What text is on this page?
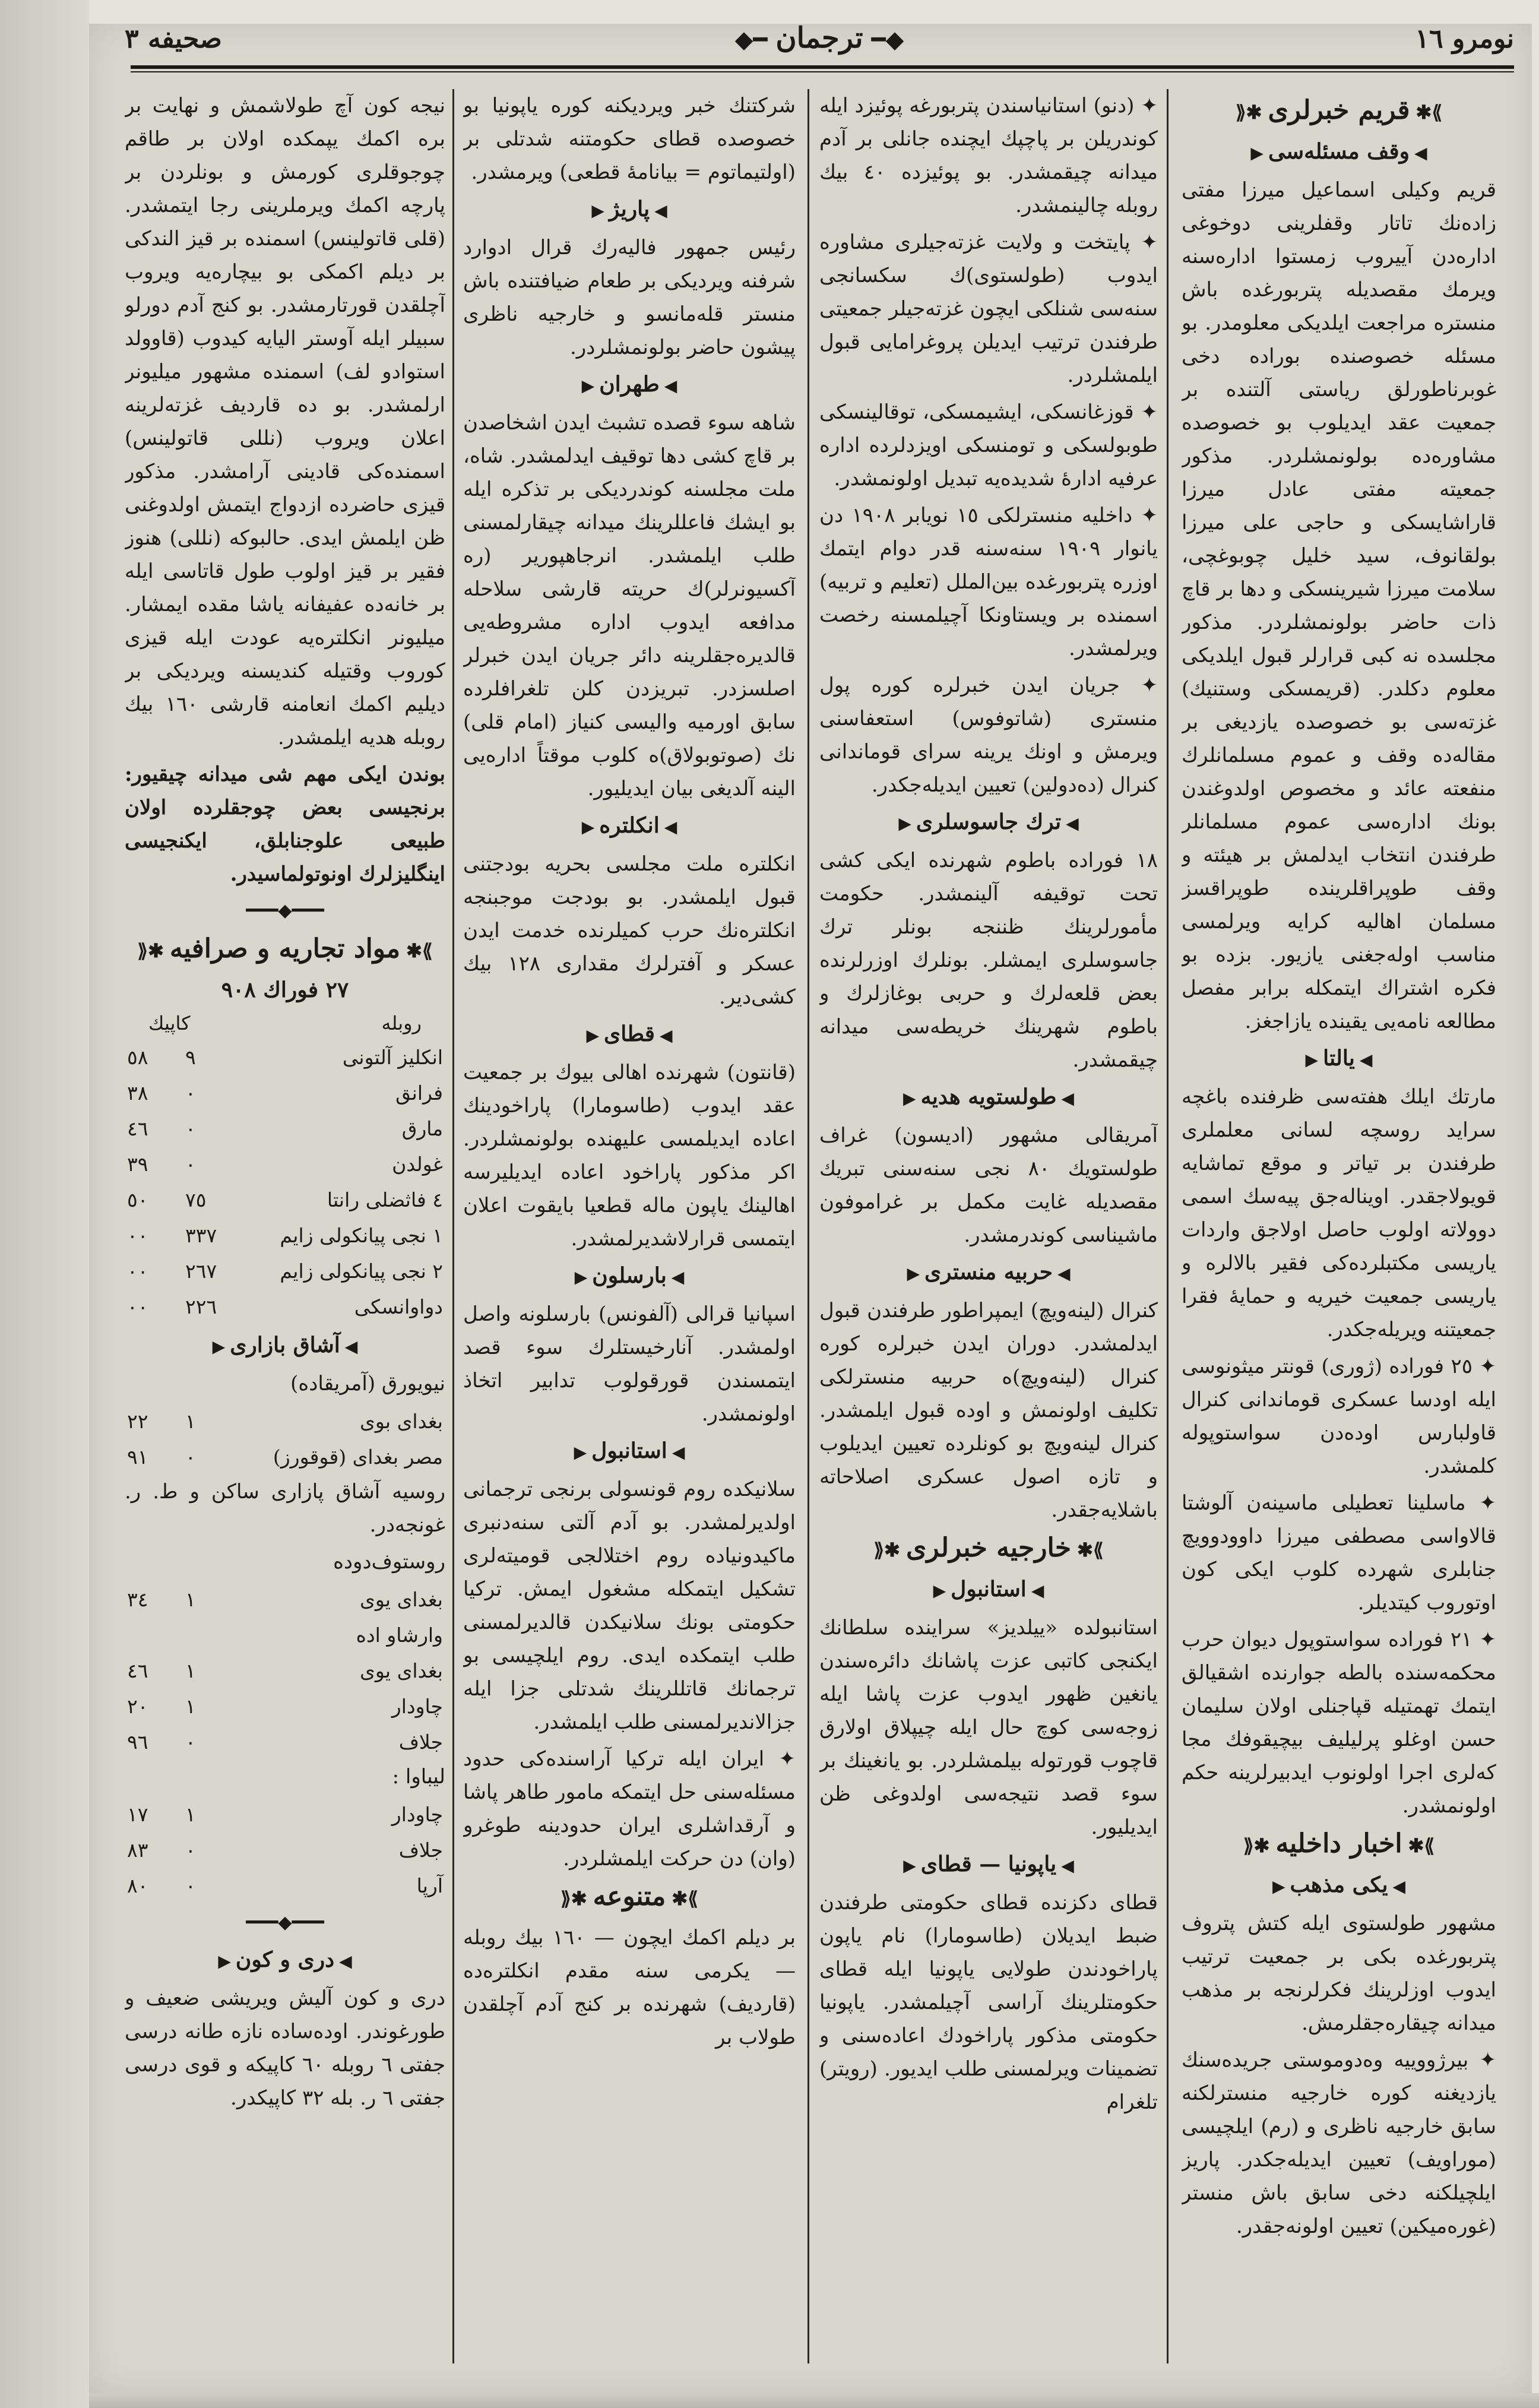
نومرو ١٦
◆━ترجمان━◆
صحیفه ٣
⟫✱قریم خبرلری✱⟪
◀وقف مسئله‌سی▶

قریم وکیلی اسماعیل میرزا مفتی زاده‌نك تاتار وقفلرینی دوخوغی اداره‌دن آییروب زمستوا اداره‌سنه ویرمك مقصدیله پتربورغده باش منستره مراجعت ایلدیکی معلومدر. بو مسئله خصوصنده بوراده دخی غوبرناطورلق ریاستی آلتنده بر جمعیت عقد ایدیلوب بو خصوصده مشاوره‌ده بولونمشلردر. مذکور جمعیته مفتی عادل میرزا قاراشایسکی و حاجی علی میرزا بولقانوف، سید خلیل چوبوغچی، سلامت میرزا شیرینسکی و دها بر قاچ ذات حاضر بولونمشلردر. مذکور مجلسده نه کبی قرارلر قبول ایلدیکی معلوم دکلدر. (قریمسکی وستنیك) غزته‌سی بو خصوصده یازدیغی بر مقاله‌ده وقف و عموم مسلمانلرك منفعته عائد و مخصوص اولدوغندن بونك اداره‌سی عموم مسلمانلر طرفندن انتخاب ایدلمش بر هیئته و وقف طوپراقلرینده طوپراقسز مسلمان اهالیه کرایه ویرلمسی مناسب اوله‌جغنی یازیور. بزده بو فکره اشتراك ایتمکله برابر مفصل مطالعه نامه‌یی یقینده یازاجغز.

◀یالتا▶

مارتك ایلك هفته‌سی ظرفنده باغچه سراید روسچه لسانی معلملری طرفندن بر تیاتر و موقع تماشایه قویولاجقدر. اویناله‌جق پیه‌سك اسمی دوولاته اولوب حاصل اولاجق واردات یاریسی مکتبلرده‌کی فقیر بالالره و یاریسی جمعیت خیریه و حمایهٔ فقرا جمعیتنه ویریله‌جکدر.

✦ ٢٥ فوراده (ژوری) قونتر میثونوسی ایله اودسا عسکری قوماندانی کنرال قاولبارس اوده‌دن سواستوپوله کلمشدر.

✦ ماسلینا تعطیلی ماسینه‌ن آلوشتا قالاواسی مصطفی میرزا داوودوویچ جنابلری شهرده کلوب ایکی کون اوتوروب کیتدیلر.

✦ ٢١ فوراده سواستوپول دیوان حرب محکمه‌سنده بالطه جوارنده اشقیالق ایتمك تهمتیله قپاجنلی اولان سلیمان حسن اوغلو پرلیلیف بیچیقوفك مجا که‌لری اجرا اولونوب ایدبیرلرینه حکم اولونمشدر.

⟫✱اخبار داخلیه✱⟪
◀یکی مذهب▶

مشهور طولستوی ایله کتش پتروف پتربورغده بکی بر جمعیت ترتیب ایدوب اوزلرینك فکرلرنجه بر مذهب میدانه چیقاره‌جقلرمش.

✦ بیرژووییه وه‌دوموستی جریده‌سنك یازدیغنه کوره خارجیه منسترلکنه سابق خارجیه ناظری و (رم) ایلچیسی (موراویف) تعیین ایدیله‌جکدر. پاریز ایلچیلکنه دخی سابق باش منستر (غوره‌میکین) تعیین اولونه‌جقدر.

✦ (دنو) استانیاسندن پتربورغه پوئیزد ایله کوندریلن بر پاچپك ایچنده جانلی بر آدم میدانه چیقمشدر. بو پوئیزده ٤٠ بیك روبله چالینمشدر.

✦ پایتخت و ولایت غزته‌جیلری مشاوره ایدوب (طولستوی)‌ك سکسانجی سنه‌سی شنلکی ایچون غزته‌جیلر جمعیتی طرفندن ترتیب ایدیلن پروغرامایی قبول ایلمشلردر.

✦ قوزغانسکی، ایشیمسکی، توقالینسکی طوبولسکی و تومنسکی اویزدلرده اداره عرفیه ادارهٔ شدیده‌یه تبدیل اولونمشدر.

✦ داخلیه منسترلکی ١٥ نویابر ١٩٠٨ دن یانوار ١٩٠٩ سنه‌سنه قدر دوام ایتمك اوزره پتربورغده بین‌الملل (تعلیم و تربیه) اسمنده بر ویستاونکا آچیلمسنه رخصت ویرلمشدر.

✦ جریان ایدن خبرلره کوره پول منستری (شاتوفوس) استعفاسنی ویرمش و اونك یرینه سرای قوماندانی کنرال (ده‌دولین) تعیین ایدیله‌جکدر.

◀ترك جاسوسلری▶

١٨ فوراده باطوم شهرنده ایکی کشی تحت توقیفه آلینمشدر. حکومت مأمورلرینك ظننجه بونلر ترك جاسوسلری ایمشلر. بونلرك اوزرلرنده بعض قلعه‌لرك و حربی بوغازلرك و باطوم شهرینك خریطه‌سی میدانه چیقمشدر.

◀طولستویه هدیه▶

آمریقالی مشهور (ادیسون) غراف طولستویك ٨٠ نجی سنه‌سنی تبریك مقصدیله غایت مکمل بر غراموفون ماشیناسی کوندرمشدر.

◀حربیه منستری▶

کنرال (لینه‌ویچ) ایمپراطور طرفندن قبول ایدلمشدر. دوران ایدن خبرلره کوره کنرال (لینه‌ویچ)ه حربیه منسترلکی تکلیف اولونمش و اوده قبول ایلمشدر. کنرال لینه‌ویچ بو کونلرده تعیین ایدیلوب و تازه اصول عسکری اصلاحاته باشلایه‌جقدر.

⟫✱خارجیه خبرلری✱⟪
◀استانبول▶

استانبولده «ییلدیز» سراینده سلطانك ایکنجی کاتبی عزت پاشانك دائره‌سندن یانغین ظهور ایدوب عزت پاشا ایله زوجه‌سی کوچ حال ایله چیپلاق اولارق قاچوب قورتوله بیلمشلردر. بو یانغینك بر سوء قصد نتیجه‌سی اولدوغی ظن ایدیلیور.

◀یاپونیا — قطای▶

قطای دکزنده قطای حکومتی طرفندن ضبط ایدیلان (طاسومارا) نام یاپون پاراخودندن طولایی یاپونیا ایله قطای حکومتلرینك آراسی آچیلمشدر. یاپونیا حکومتی مذکور پاراخودك اعاده‌سنی و تضمینات ویرلمسنی طلب ایدیور. (رویتر) تلغرام

شرکتنك خبر ویردیکنه کوره یاپونیا بو خصوصده قطای حکومتنه شدتلی بر (اولتیماتوم = بیانامهٔ قطعی) ویرمشدر.

◀پاریژ▶

رئیس جمهور فالیه‌رك قرال ادوارد شرفنه ویردیکی بر طعام ضیافتنده باش منستر قله‌مانسو و خارجیه ناظری پیشون حاضر بولونمشلردر.

◀طهران▶

شاهه سوء قصده تشبث ایدن اشخاصدن بر قاچ کشی دها توقیف ایدلمشدر. شاه، ملت مجلسنه کوندردیکی بر تذکره ایله بو ایشك فاعللرینك میدانه چیقارلمسنی طلب ایلمشدر. انرجاهپوریر (ره آکسیونرلر)‌ك حریته قارشی سلاحله مدافعه ایدوب اداره مشروطه‌یی قالدیره‌جقلرینه دائر جریان ایدن خبرلر اصلسزدر. تبریزدن کلن تلغرافلرده سابق اورمیه والیسی کنیاز (امام قلی) نك (صوتوبولاق)ه کلوب موقتاً اداره‌یی الینه آلدیغی بیان ایدیلیور.

◀انکلتره▶

انکلتره ملت مجلسی بحریه بودجتنی قبول ایلمشدر. بو بودجت موجبنجه انکلتره‌نك حرب کمیلرنده خدمت ایدن عسکر و آفترلرك مقداری ١٢٨ بیك کشی‌دیر.

◀قطای▶

(قانتون) شهرنده اهالی بیوك بر جمعیت عقد ایدوب (طاسومارا) پاراخودینك اعاده ایدیلمسی علیهنده بولونمشلردر. اکر مذکور پاراخود اعاده ایدیلیرسه اهالینك یاپون ماله قطعیا بایقوت اعلان ایتمسی قرارلاشدیرلمشدر.

◀بارسلون▶

اسپانیا قرالی (آلفونس) بارسلونه واصل اولمشدر. آنارخیستلرك سوء قصد ایتمسندن قورقولوب تدابیر اتخاذ اولونمشدر.

◀استانبول▶

سلانیکده روم قونسولی برنجی ترجمانی اولدیرلمشدر. بو آدم آلتی سنه‌دنبری ماکیدونیاده روم اختلالجی قومیته‌لری تشکیل ایتمکله مشغول ایمش. ترکیا حکومتی بونك سلانیکدن قالدیرلمسنی طلب ایتمکده ایدی. روم ایلچیسی بو ترجمانك قاتللرینك شدتلی جزا ایله جزالاندیرلمسنی طلب ایلمشدر.

✦ ایران ایله ترکیا آراسنده‌کی حدود مسئله‌سنی حل ایتمکه مامور طاهر پاشا و آرقداشلری ایران حدودینه طوغرو (وان) دن حرکت ایلمشلردر.

⟫✱متنوعه✱⟪

بر دیلم اکمك ایچون — ١٦٠ بیك روبله — یکرمی سنه مقدم انکلتره‌ده (قاردیف) شهرنده بر کنج آدم آچلقدن طولاب بر

نیجه کون آچ طولاشمش و نهایت بر بره اکمك یپمکده اولان بر طاقم چوجوقلری کورمش و بونلردن بر پارچه اکمك ویرملرینی رجا ایتمشدر. (قلی قاتولینس) اسمنده بر قیز الندکی بر دیلم اکمکی بو بیچاره‌یه ویروب آچلقدن قورتارمشدر. بو کنج آدم دورلو سبیلر ایله آوستر الیایه کیدوب (قاوولد استوادو لف) اسمنده مشهور میلیونر ارلمشدر. بو ده قاردیف غزته‌لرینه اعلان ویروب (نللی قاتولینس) اسمنده‌کی قادینی آرامشدر. مذکور قیزی حاضرده ازدواج ایتمش اولدوغنی ظن ایلمش ایدی. حالبوکه (نللی) هنوز فقیر بر قیز اولوب طول قاتاسی ایله بر خانه‌ده عفیفانه یاشا مقده ایمشار. میلیونر انکلتره‌یه عودت ایله قیزی کوروب وقتیله کندیسنه ویردیکی بر دیلیم اکمك انعامنه قارشی ١٦٠ بیك روبله هدیه ایلمشدر.

بوندن ایکی مهم شی میدانه چیقیور: برنجیسی بعض چوجقلرده اولان طبیعی علوجنابلق، ایکنجیسی اینگلیزلرك اونوتولماسیدر.

━━━◆━━━
⟫✱مواد تجاریه و صرافیه✱⟪
٢٧ فوراك ٩٠٨
روبله
کاپیك
انکلیز آلتونی	٩	٥٨
فرانق	٠	٣٨
مارق	٠	٤٦
غولدن	٠	٣٩
٤ فاثضلی رانتا	٧٥	٥٠
١ نجی پیانکولی زایم	٣٣٧	٠٠
٢ نجی پیانکولی زایم	٢٦٧	٠٠
دواوانسکی	٢٢٦	٠٠
◀آشاق بازاری▶
نیویورق (آمریقاده)
بغدای بوی	١	٢٢
مصر بغدای (قوقورز)	٠	٩١
روسیه آشاق پازاری ساکن و ط. ر. غونجه‌در.
روستوف‌دوده
بغدای یوی	١	٣٤
وارشاو اده		
بغدای یوی	١	٤٦
چاودار	١	٢٠
جلاف	٠	٩٦
لیباوا :
چاودار	١	١٧
جلاف	٠	٨٣
آرپا	٠	٨٠
━━━◆━━━
◀دری و کون▶

دری و کون آلیش ویریشی ضعیف و طورغوندر. اوده‌ساده نازه طانه درسی جفتی ٦ روبله ٦٠ کاپیکه و قوی درسی جفتی ٦ ر. بله ٣٢ کاپیکدر.
